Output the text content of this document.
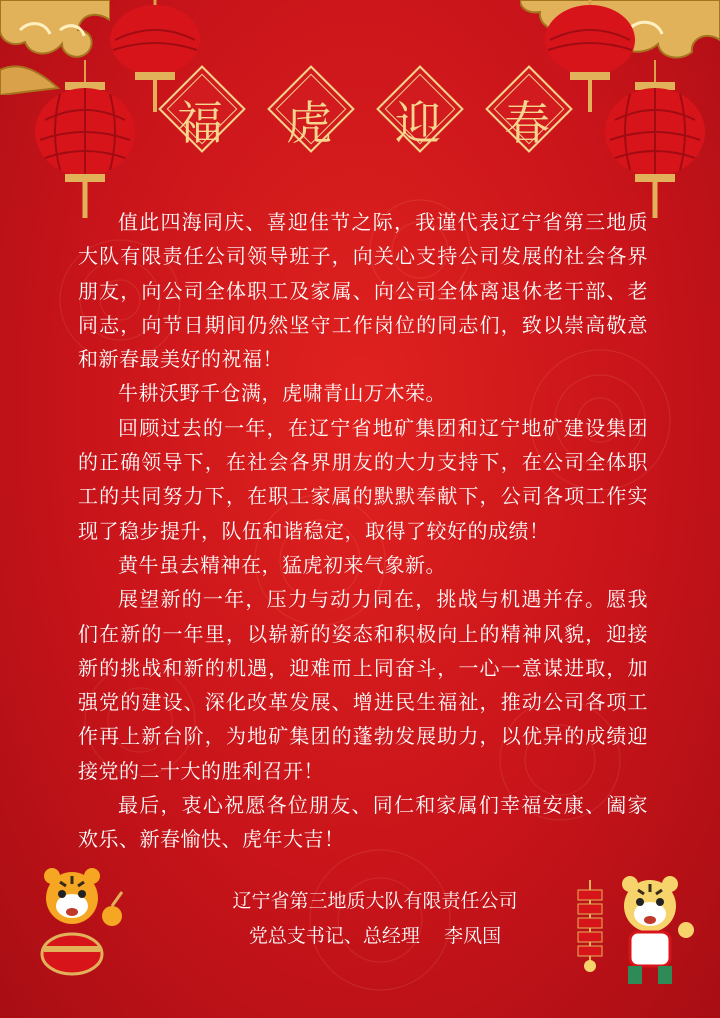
福	虎	迎	春

值此四海同庆、喜迎佳节之际，我谨代表辽宁省第三地质大队有限责任公司领导班子，向关心支持公司发展的社会各界朋友，向公司全体职工及家属、向公司全体离退休老干部、老同志，向节日期间仍然坚守工作岗位的同志们，致以崇高敬意和新春最美好的祝福！

牛耕沃野千仓满，虎啸青山万木荣。

回顾过去的一年，在辽宁省地矿集团和辽宁地矿建设集团的正确领导下，在社会各界朋友的大力支持下，在公司全体职工的共同努力下，在职工家属的默默奉献下，公司各项工作实现了稳步提升，队伍和谐稳定，取得了较好的成绩！

黄牛虽去精神在，猛虎初来气象新。

展望新的一年，压力与动力同在，挑战与机遇并存。愿我们在新的一年里，以崭新的姿态和积极向上的精神风貌，迎接新的挑战和新的机遇，迎难而上同奋斗，一心一意谋进取，加强党的建设、深化改革发展、增进民生福祉，推动公司各项工作再上新台阶，为地矿集团的蓬勃发展助力，以优异的成绩迎接党的二十大的胜利召开！

最后，衷心祝愿各位朋友、同仁和家属们幸福安康、阖家欢乐、新春愉快、虎年大吉！

辽宁省第三地质大队有限责任公司
党总支书记、总经理    李凤国
